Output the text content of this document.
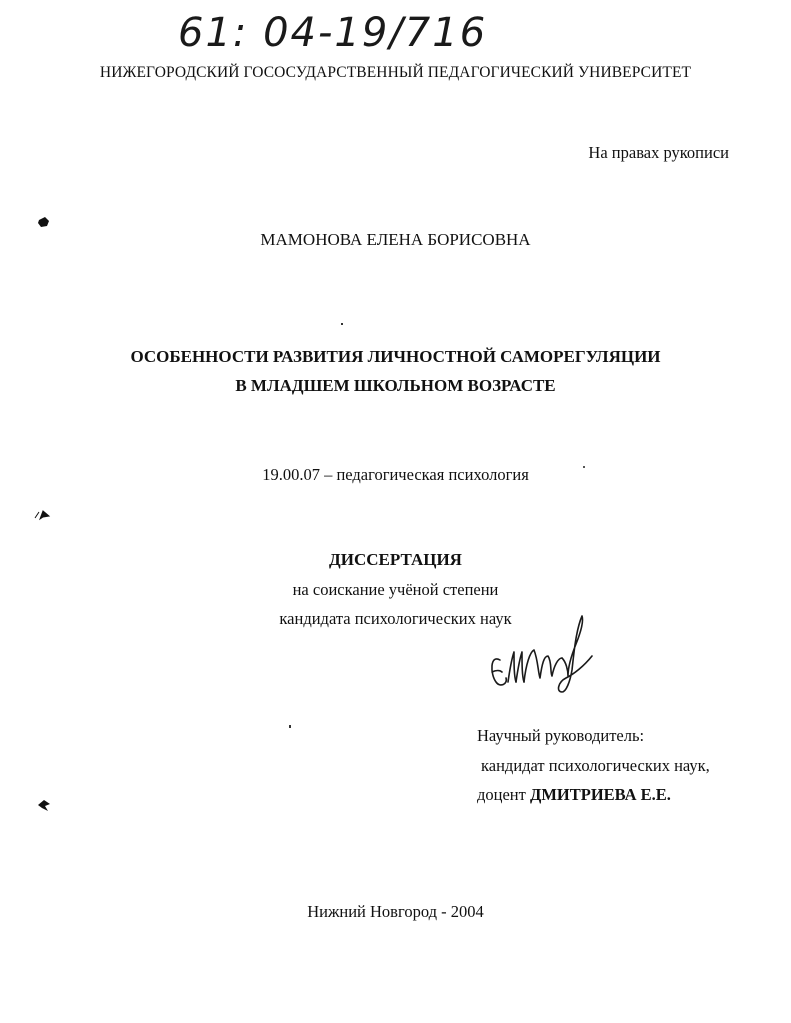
61: 04-19/716
НИЖЕГОРОДСКИЙ ГОСОСУДАРСТВЕННЫЙ ПЕДАГОГИЧЕСКИЙ УНИВЕРСИТЕТ
На правах рукописи
МАМОНОВА ЕЛЕНА БОРИСОВНА
ОСОБЕННОСТИ РАЗВИТИЯ ЛИЧНОСТНОЙ САМОРЕГУЛЯЦИИ
В МЛАДШЕМ ШКОЛЬНОМ ВОЗРАСТЕ
19.00.07 – педагогическая психология
ДИССЕРТАЦИЯ
на соискание учёной степени
кандидата психологических наук
Научный руководитель:
кандидат психологических наук,
доцент ДМИТРИЕВА Е.Е.
Нижний Новгород - 2004
